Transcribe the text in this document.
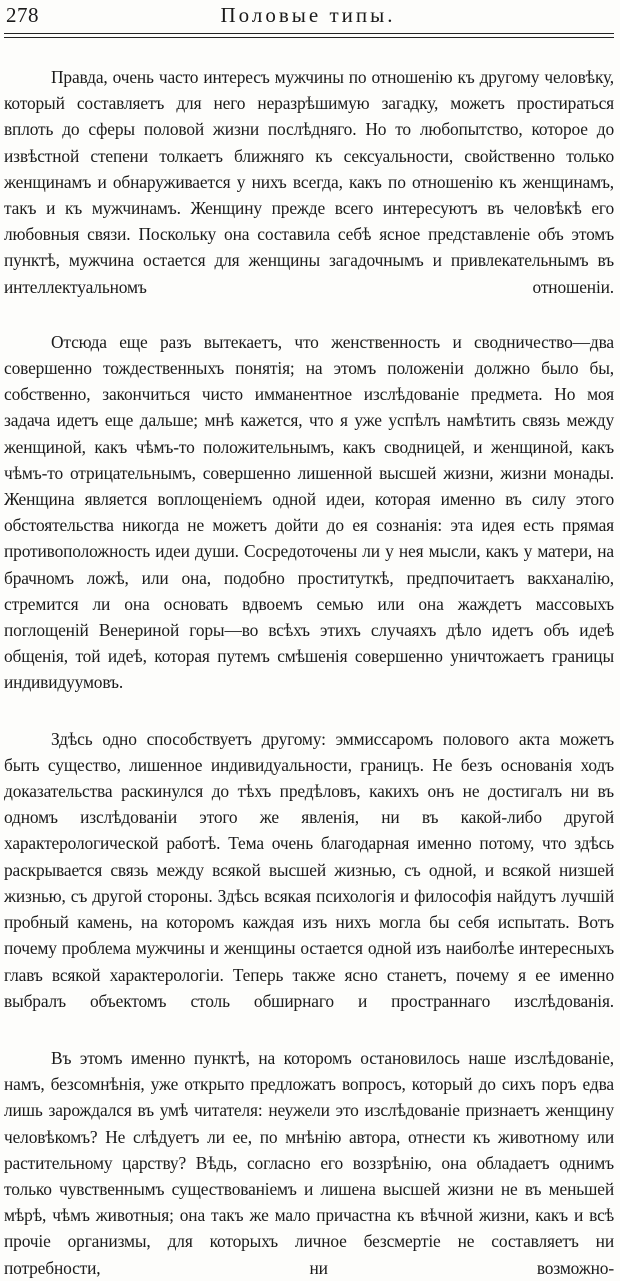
278	Половые типы.

Правда, очень часто интересъ мужчины по отношенію къ другому человѣку, который составляетъ для него неразрѣшимую загадку, можетъ простираться вплоть до сферы половой жизни послѣдняго. Но то любопытство, которое до извѣстной степени толкаетъ ближняго къ сексуальности, свойственно только женщинамъ и обнаруживается у нихъ всегда, какъ по отношенію къ женщинамъ, такъ и къ мужчинамъ. Женщину прежде всего интересуютъ въ человѣкѣ его любовныя связи. Поскольку она составила себѣ ясное представленіе объ этомъ пунктѣ, мужчина остается для женщины загадочнымъ и привлекательнымъ въ интеллектуальномъ отношеніи.

Отсюда еще разъ вытекаетъ, что женственность и сводничество—два совершенно тождественныхъ понятія; на этомъ положеніи должно было бы, собственно, закончиться чисто имманентное изслѣдованіе предмета. Но моя задача идетъ еще дальше; мнѣ кажется, что я уже успѣлъ намѣтить связь между женщиной, какъ чѣмъ-то положительнымъ, какъ сводницей, и женщиной, какъ чѣмъ-то отрицательнымъ, совершенно лишенной высшей жизни, жизни монады. Женщина является воплощеніемъ одной идеи, которая именно въ силу этого обстоятельства никогда не можетъ дойти до ея сознанія: эта идея есть прямая противоположность идеи души. Сосредоточены ли у нея мысли, какъ у матери, на брачномъ ложѣ, или она, подобно проституткѣ, предпочитаетъ вакханалію, стремится ли она основать вдвоемъ семью или она жаждетъ массовыхъ поглощеній Венериной горы—во всѣхъ этихъ случаяхъ дѣло идетъ объ идеѣ общенія, той идеѣ, которая путемъ смѣшенія совершенно уничтожаетъ границы индивидуумовъ.

Здѣсь одно способствуетъ другому: эммиссаромъ полового акта можетъ быть существо, лишенное индивидуальности, границъ. Не безъ основанія ходъ доказательства раскинулся до тѣхъ предѣловъ, какихъ онъ не достигалъ ни въ одномъ изслѣдованіи этого же явленія, ни въ какой-либо другой характерологической работѣ. Тема очень благодарная именно потому, что здѣсь раскрывается связь между всякой высшей жизнью, съ одной, и всякой низшей жизнью, съ другой стороны. Здѣсь всякая психологія и философія найдутъ лучшій пробный камень, на которомъ каждая изъ нихъ могла бы себя испытать. Вотъ почему проблема мужчины и женщины остается одной изъ наиболѣе интересныхъ главъ всякой характерологіи. Теперь также ясно станетъ, почему я ее именно выбралъ объектомъ столь обширнаго и пространнаго изслѣдованія.

Въ этомъ именно пунктѣ, на которомъ остановилось наше изслѣдованіе, намъ, безсомнѣнія, уже открыто предложатъ вопросъ, который до сихъ поръ едва лишь зарождался въ умѣ читателя: неужели это изслѣдованіе признаетъ женщину человѣкомъ? Не слѣдуетъ ли ее, по мнѣнію автора, отнести къ животному или растительному царству? Вѣдь, согласно его воззрѣнію, она обладаетъ однимъ только чувственнымъ существованіемъ и лишена высшей жизни не въ меньшей мѣрѣ, чѣмъ животныя; она такъ же мало причастна къ вѣчной жизни, какъ и всѣ прочіе организмы, для которыхъ личное безсмертіе не составляетъ ни потребности, ни возможно-
